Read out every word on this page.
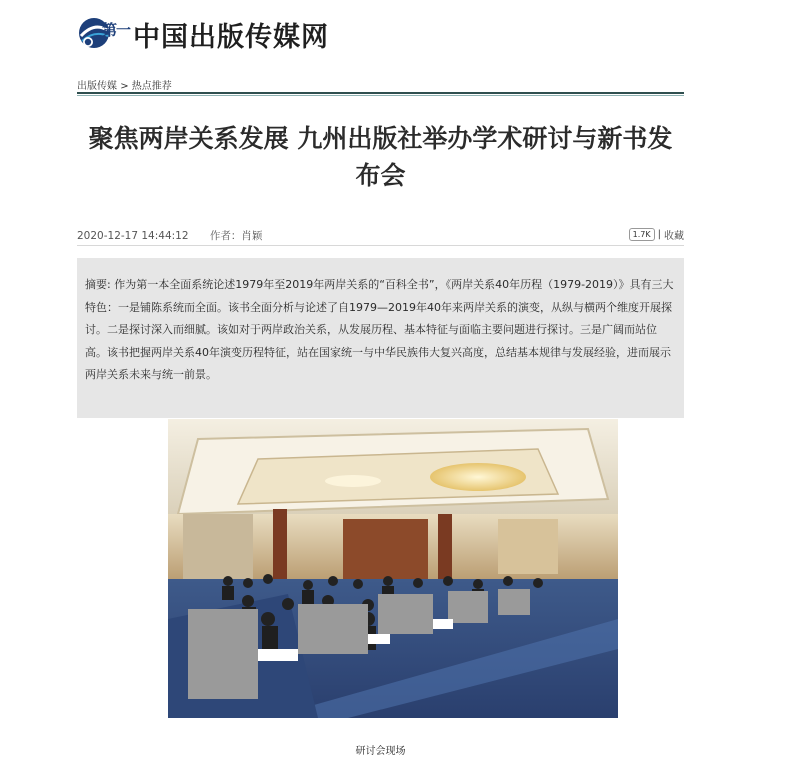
第一 中国出版传媒网
出版传媒 > 热点推荐
聚焦两岸关系发展 九州出版社举办学术研讨与新书发布会
2020-12-17 14:44:12 作者：肖颖	1.7K | 收藏
摘要: 作为第一本全面系统论述1979年至2019年两岸关系的“百科全书”，《两岸关系40年历程（1979-2019）》具有三大特色：一是铺陈系统而全面。该书全面分析与论述了自1979—2019年40年来两岸关系的演变，从纵与横两个维度开展探讨。二是探讨深入而细腻。该如对于两岸政治关系，从发展历程、基本特征与面临主要问题进行探讨。三是广阔而站位高。该书把握两岸关系40年演变历程特征，站在国家统一与中华民族伟大复兴高度，总结基本规律与发展经验，进而展示两岸关系未来与统一前景。
研讨会现场
